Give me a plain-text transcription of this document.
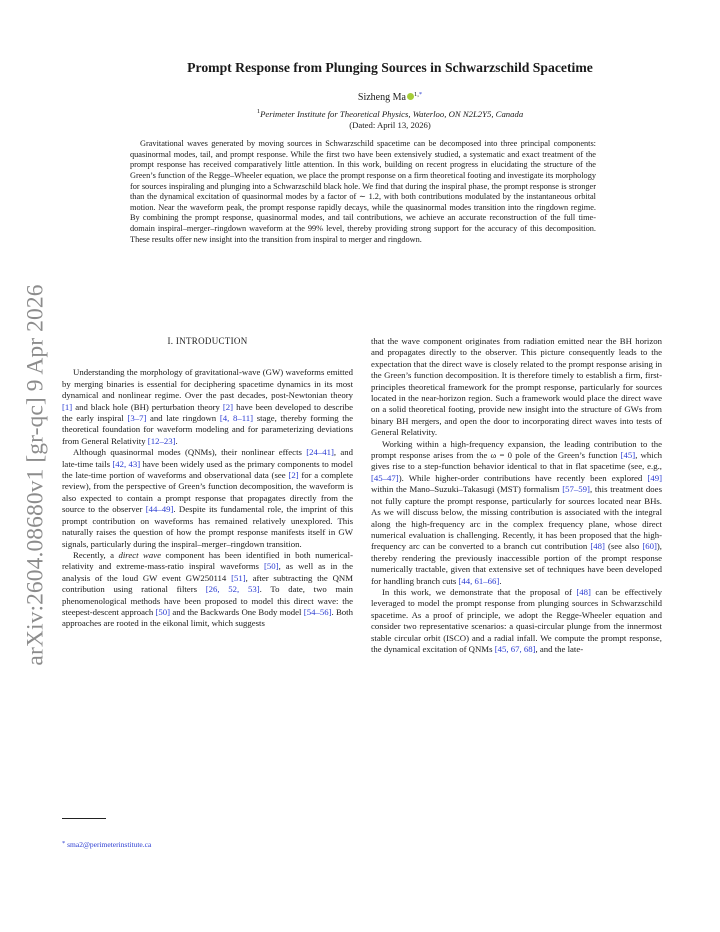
arXiv:2604.08680v1 [gr-qc] 9 Apr 2026
Prompt Response from Plunging Sources in Schwarzschild Spacetime
Sizheng Ma $^{1,*}$
$^1$Perimeter Institute for Theoretical Physics, Waterloo, ON N2L2Y5, Canada
(Dated: April 13, 2026)

Gravitational waves generated by moving sources in Schwarzschild spacetime can be decomposed into three principal components: quasinormal modes, tail, and prompt response. While the first two have been extensively studied, a systematic and exact treatment of the prompt response has received comparatively little attention. In this work, building on recent progress in elucidating the structure of the Green’s function of the Regge–Wheeler equation, we place the prompt response on a firm theoretical footing and investigate its morphology for sources inspiraling and plunging into a Schwarzschild black hole. We find that during the inspiral phase, the prompt response is stronger than the dynamical excitation of quasinormal modes by a factor of ∼ 1.2, with both contributions modulated by the instantaneous orbital motion. Near the waveform peak, the prompt response rapidly decays, while the quasinormal modes transition into the ringdown regime. By combining the prompt response, quasinormal modes, and tail contributions, we achieve an accurate reconstruction of the full time-domain inspiral–merger–ringdown waveform at the 99% level, thereby providing strong support for the accuracy of this decomposition. These results offer new insight into the transition from inspiral to merger and ringdown.

I. INTRODUCTION

Understanding the morphology of gravitational-wave (GW) waveforms emitted by merging binaries is essential for deciphering spacetime dynamics in its most dynamical and nonlinear regime. Over the past decades, post-Newtonian theory [1] and black hole (BH) perturbation theory [2] have been developed to describe the early inspiral [3–7] and late ringdown [4, 8–11] stage, thereby forming the theoretical foundation for waveform modeling and for parameterizing deviations from General Relativity [12–23].

Although quasinormal modes (QNMs), their nonlinear effects [24–41], and late-time tails [42, 43] have been widely used as the primary components to model the late-time portion of waveforms and observational data (see [2] for a complete review), from the perspective of Green’s function decomposition, the waveform is also expected to contain a prompt response that propagates directly from the source to the observer [44–49]. Despite its fundamental role, the imprint of this prompt contribution on waveforms has remained relatively unexplored. This naturally raises the question of how the prompt response manifests itself in GW signals, particularly during the inspiral–merger–ringdown transition.

Recently, a direct wave component has been identified in both numerical-relativity and extreme-mass-ratio inspiral waveforms [50], as well as in the analysis of the loud GW event GW250114 [51], after subtracting the QNM contribution using rational filters [26, 52, 53]. To date, two main phenomenological methods have been proposed to model this direct wave: the steepest-descent approach [50] and the Backwards One Body model [54–56]. Both approaches are rooted in the eikonal limit, which suggests

that the wave component originates from radiation emitted near the BH horizon and propagates directly to the observer. This picture consequently leads to the expectation that the direct wave is closely related to the prompt response arising in the Green’s function decomposition. It is therefore timely to establish a firm, first-principles theoretical framework for the prompt response, particularly for sources located in the near-horizon region. Such a framework would place the direct wave on a solid theoretical footing, provide new insight into the structure of GWs from binary BH mergers, and open the door to incorporating direct waves into tests of General Relativity.

Working within a high-frequency expansion, the leading contribution to the prompt response arises from the ω = 0 pole of the Green’s function [45], which gives rise to a step-function behavior identical to that in flat spacetime (see, e.g., [45–47]). While higher-order contributions have recently been explored [49] within the Mano–Suzuki–Takasugi (MST) formalism [57–59], this treatment does not fully capture the prompt response, particularly for sources located near BHs. As we will discuss below, the missing contribution is associated with the integral along the high-frequency arc in the complex frequency plane, whose direct numerical evaluation is challenging. Recently, it has been proposed that the high-frequency arc can be converted to a branch cut contribution [48] (see also [60]), thereby rendering the previously inaccessible portion of the prompt response numerically tractable, given that extensive set of techniques have been developed for handling branch cuts [44, 61–66].

In this work, we demonstrate that the proposal of [48] can be effectively leveraged to model the prompt response from plunging sources in Schwarzschild spacetime. As a proof of principle, we adopt the Regge-Wheeler equation and consider two representative scenarios: a quasi-circular plunge from the innermost stable circular orbit (ISCO) and a radial infall. We compute the prompt response, the dynamical excitation of QNMs [45, 67, 68], and the late-

* sma2@perimeterinstitute.ca
